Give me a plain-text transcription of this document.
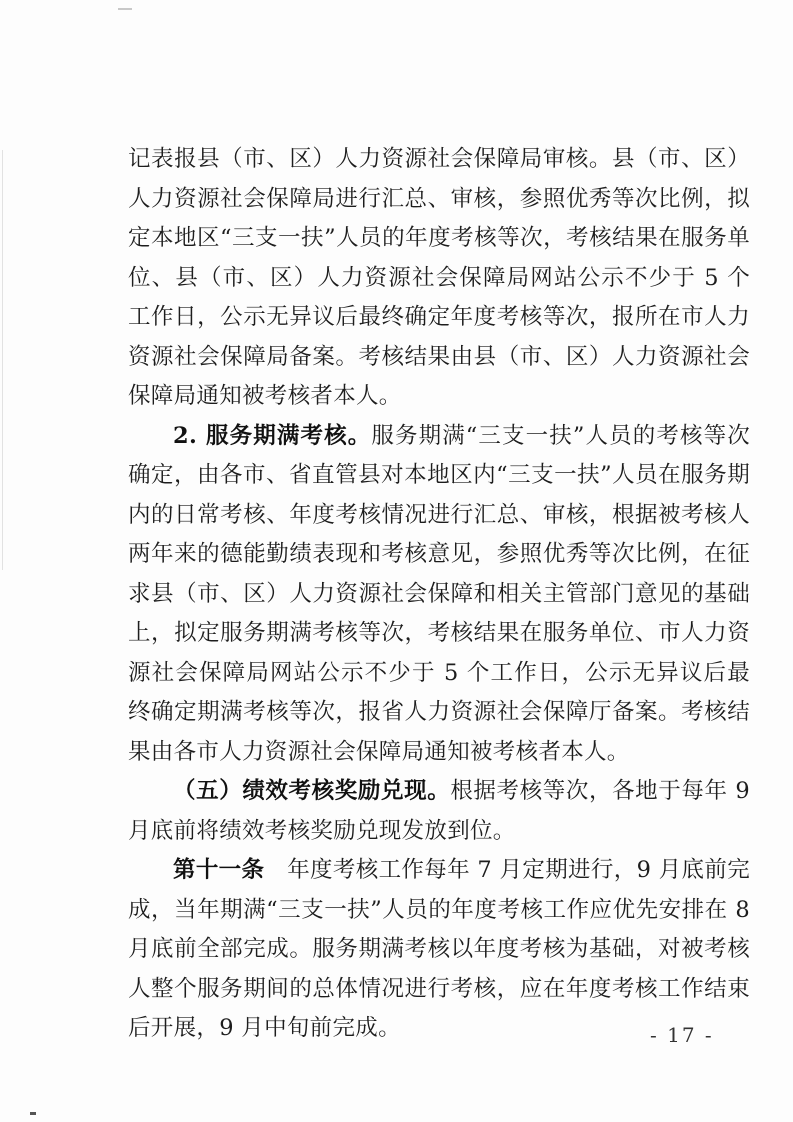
记表报县（市、区）人力资源社会保障局审核。县（市、区）人力资源社会保障局进行汇总、审核，参照优秀等次比例，拟定本地区“三支一扶”人员的年度考核等次，考核结果在服务单位、县（市、区）人力资源社会保障局网站公示不少于 5 个工作日，公示无异议后最终确定年度考核等次，报所在市人力资源社会保障局备案。考核结果由县（市、区）人力资源社会保障局通知被考核者本人。

2. 服务期满考核。服务期满“三支一扶”人员的考核等次确定，由各市、省直管县对本地区内“三支一扶”人员在服务期内的日常考核、年度考核情况进行汇总、审核，根据被考核人两年来的德能勤绩表现和考核意见，参照优秀等次比例，在征求县（市、区）人力资源社会保障和相关主管部门意见的基础上，拟定服务期满考核等次，考核结果在服务单位、市人力资源社会保障局网站公示不少于 5 个工作日，公示无异议后最终确定期满考核等次，报省人力资源社会保障厅备案。考核结果由各市人力资源社会保障局通知被考核者本人。

（五）绩效考核奖励兑现。根据考核等次，各地于每年 9 月底前将绩效考核奖励兑现发放到位。

第十一条　年度考核工作每年 7 月定期进行，9 月底前完成，当年期满“三支一扶”人员的年度考核工作应优先安排在 8 月底前全部完成。服务期满考核以年度考核为基础，对被考核人整个服务期间的总体情况进行考核，应在年度考核工作结束后开展，9 月中旬前完成。	- 17 -
